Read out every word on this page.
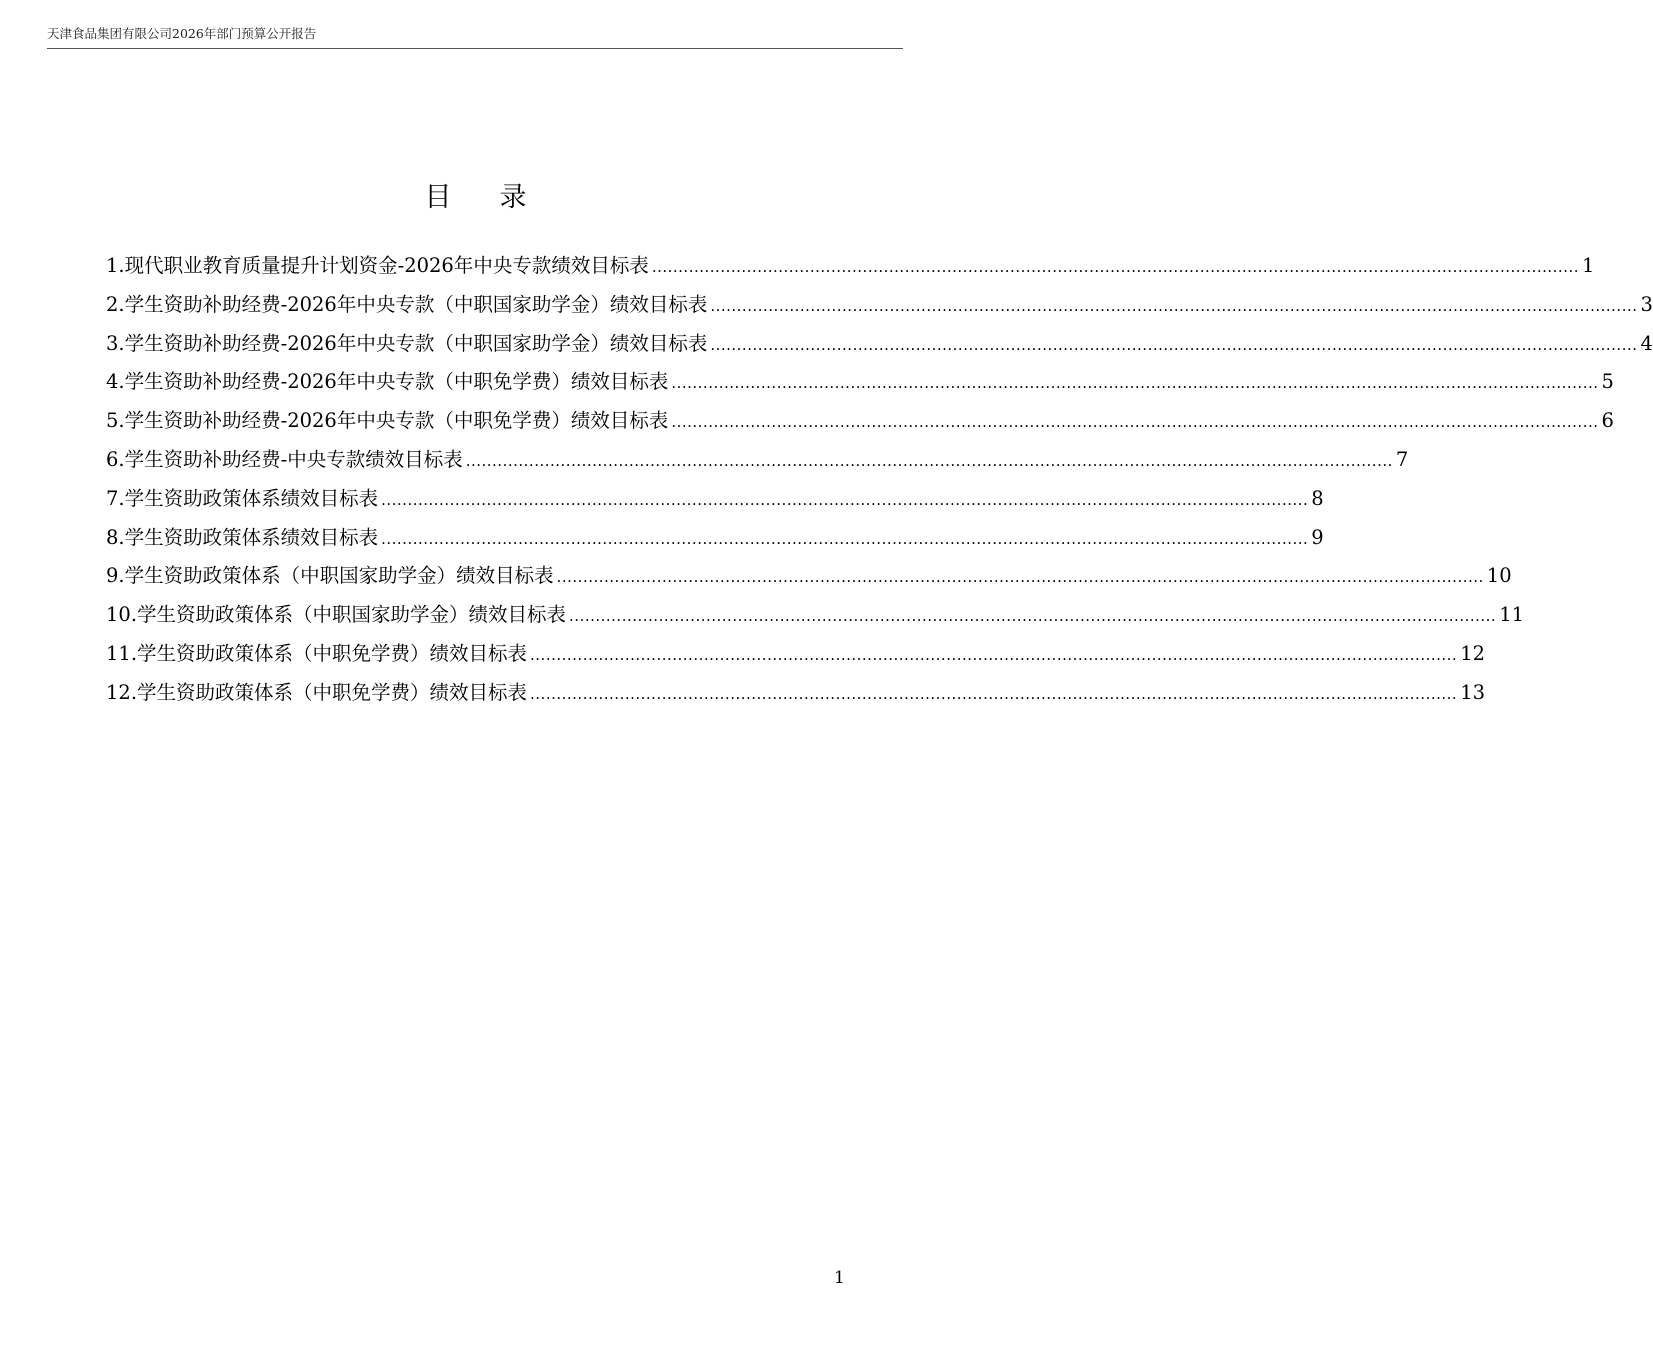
天津食品集团有限公司2026年部门预算公开报告
目录
1.现代职业教育质量提升计划资金-2026年中央专款绩效目标表 .....	1
2.学生资助补助经费-2026年中央专款（中职国家助学金）绩效目标表 .....	3
3.学生资助补助经费-2026年中央专款（中职国家助学金）绩效目标表 .....	4
4.学生资助补助经费-2026年中央专款（中职免学费）绩效目标表 .....	5
5.学生资助补助经费-2026年中央专款（中职免学费）绩效目标表 .....	6
6.学生资助补助经费-中央专款绩效目标表 .....	7
7.学生资助政策体系绩效目标表 .....	8
8.学生资助政策体系绩效目标表 .....	9
9.学生资助政策体系（中职国家助学金）绩效目标表 .....	10
10.学生资助政策体系（中职国家助学金）绩效目标表 .....	11
11.学生资助政策体系（中职免学费）绩效目标表 .....	12
12.学生资助政策体系（中职免学费）绩效目标表 .....	13
1
